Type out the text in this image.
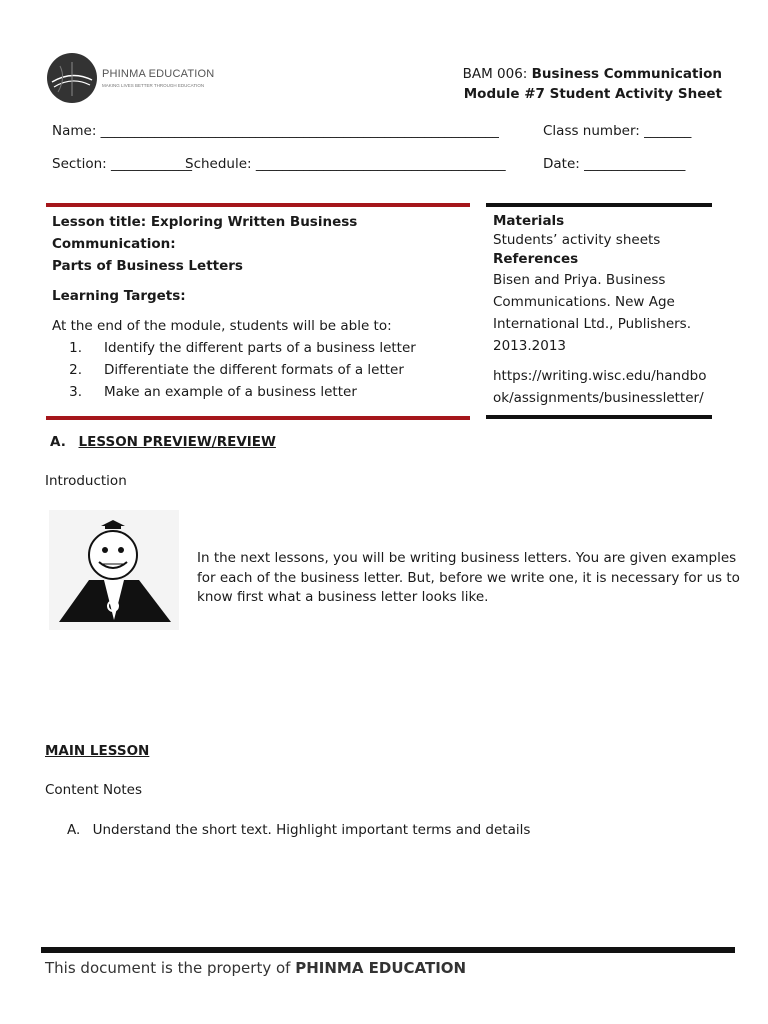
PHINMA EDUCATION
MAKING LIVES BETTER THROUGH EDUCATION
BAM 006: Business Communication
Module #7 Student Activity Sheet
Name: ___________________________________________________________	Class number: _______
Section: ____________
Schedule: _____________________________________	Date: _______________
Lesson title: Exploring Written Business Communication:
Parts of Business Letters
Learning Targets:
At the end of the module, students will be able to:
1. Identify the different parts of a business letter
2. Differentiate the different formats of a letter
3. Make an example of a business letter
Materials
Students’ activity sheets
References
Bisen and Priya. Business
Communications. New Age
International Ltd., Publishers.
2013.2013
https://writing.wisc.edu/handbo
ok/assignments/businessletter/
A. LESSON PREVIEW/REVIEW
Introduction
In the next lessons, you will be writing business letters. You are given examples
for each of the business letter. But, before we write one, it is necessary for us to
know first what a business letter looks like.
MAIN LESSON
Content Notes
A. Understand the short text. Highlight important terms and details
This document is the property of PHINMA EDUCATION
